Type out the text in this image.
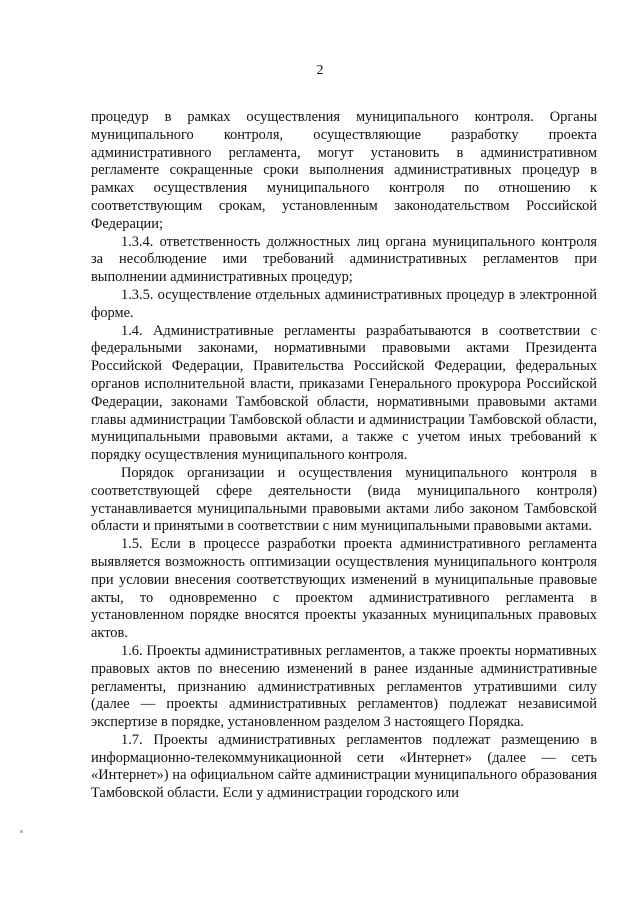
2

процедур в рамках осуществления муниципального контроля. Органы муниципального контроля, осуществляющие разработку проекта административного регламента, могут установить в административном регламенте сокращенные сроки выполнения административных процедур в рамках осуществления муниципального контроля по отношению к соответствующим срокам, установленным законодательством Российской Федерации;

1.3.4. ответственность должностных лиц органа муниципального контроля за несоблюдение ими требований административных регламентов при выполнении административных процедур;

1.3.5. осуществление отдельных административных процедур в электронной форме.

1.4. Административные регламенты разрабатываются в соответствии с федеральными законами, нормативными правовыми актами Президента Российской Федерации, Правительства Российской Федерации, федеральных органов исполнительной власти, приказами Генерального прокурора Российской Федерации, законами Тамбовской области, нормативными правовыми актами главы администрации Тамбовской области и администрации Тамбовской области, муниципальными правовыми актами, а также с учетом иных требований к порядку осуществления муниципального контроля.

Порядок организации и осуществления муниципального контроля в соответствующей сфере деятельности (вида муниципального контроля) устанавливается муниципальными правовыми актами либо законом Тамбовской области и принятыми в соответствии с ним муниципальными правовыми актами.

1.5. Если в процессе разработки проекта административного регламента выявляется возможность оптимизации осуществления муниципального контроля при условии внесения соответствующих изменений в муниципальные правовые акты, то одновременно с проектом административного регламента в установленном порядке вносятся проекты указанных муниципальных правовых актов.

1.6. Проекты административных регламентов, а также проекты нормативных правовых актов по внесению изменений в ранее изданные административные регламенты, признанию административных регламентов утратившими силу (далее — проекты административных регламентов) подлежат независимой экспертизе в порядке, установленном разделом 3 настоящего Порядка.

1.7. Проекты административных регламентов подлежат размещению в информационно-телекоммуникационной сети «Интернет» (далее — сеть «Интернет») на официальном сайте администрации муниципального образования Тамбовской области. Если у администрации городского или
